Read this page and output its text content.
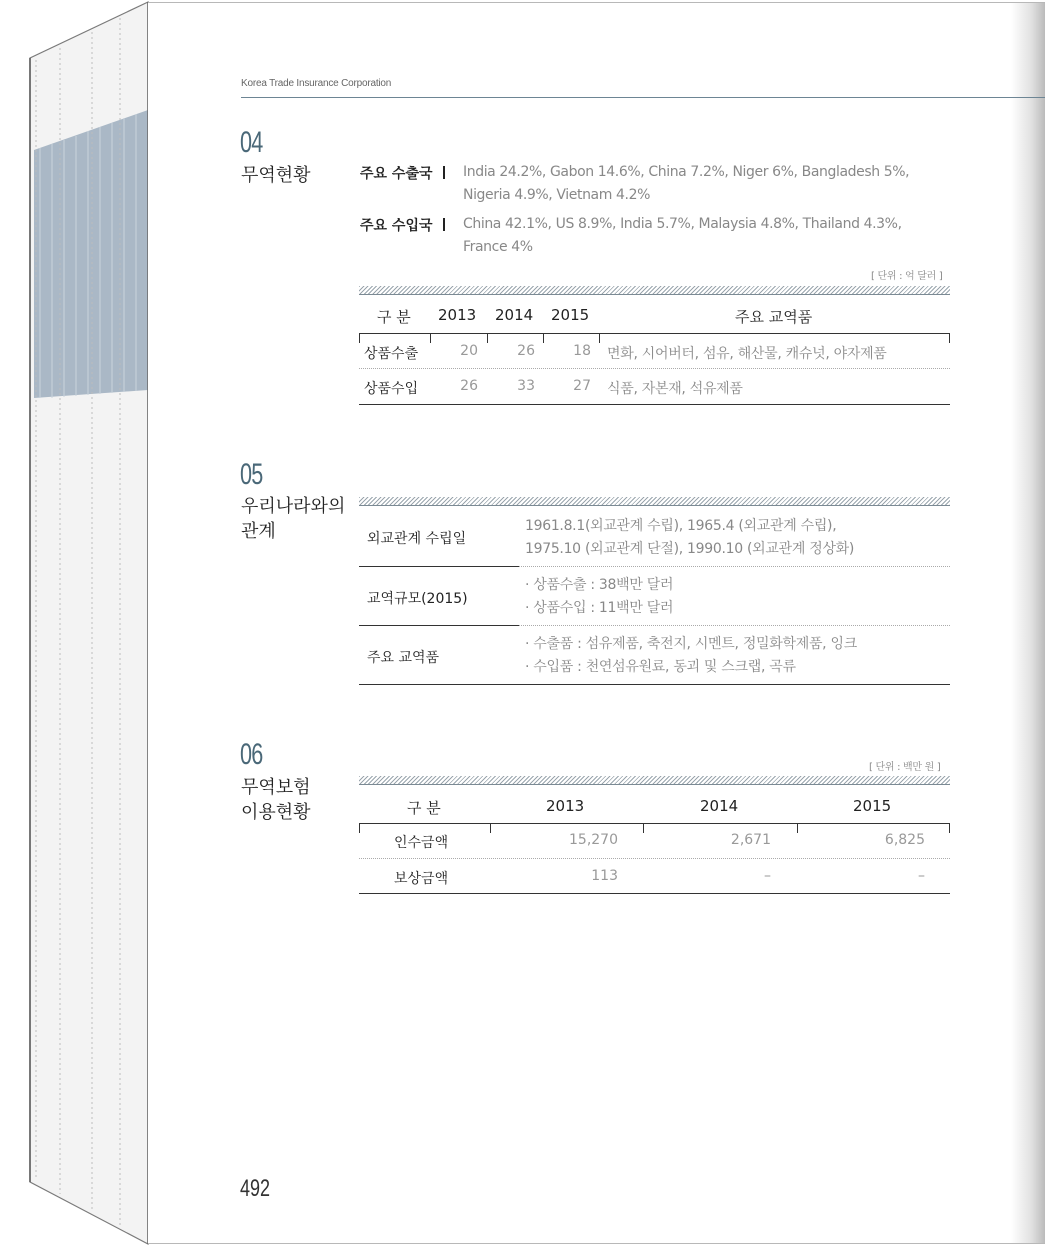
Korea Trade Insurance Corporation
04
무역현황	주요 수출국	India 24.2%, Gabon 14.6%, China 7.2%, Niger 6%, Bangladesh 5%, Nigeria 4.9%, Vietnam 4.2%
주요 수입국	China 42.1%, US 8.9%, India 5.7%, Malaysia 4.8%, Thailand 4.3%, France 4%
[ 단위 : 억 달러 ]
구 분 2013 2014 2015	주요 교역품
상품수출	20	26	18 면화, 시어버터, 섬유, 해산물, 캐슈넛, 야자제품
상품수입	26	33	27 식품, 자본재, 석유제품
05
우리나라와의
관계	외교관계 수립일
1961.8.1(외교관계 수립), 1965.4 (외교관계 수립),
1975.10 (외교관계 단절), 1990.10 (외교관계 정상화)
교역규모(2015)
· 상품수출 : 38백만 달러
· 상품수입 : 11백만 달러
주요 교역품
· 수출품 : 섬유제품, 축전지, 시멘트, 정밀화학제품, 잉크
· 수입품 : 천연섬유원료, 동괴 및 스크랩, 곡류
06
무역보험
이용현황
[ 단위 : 백만 원 ]
구 분	2013	2014	2015
인수금액	15,270	2,671	6,825
보상금액	113	–	–
492
